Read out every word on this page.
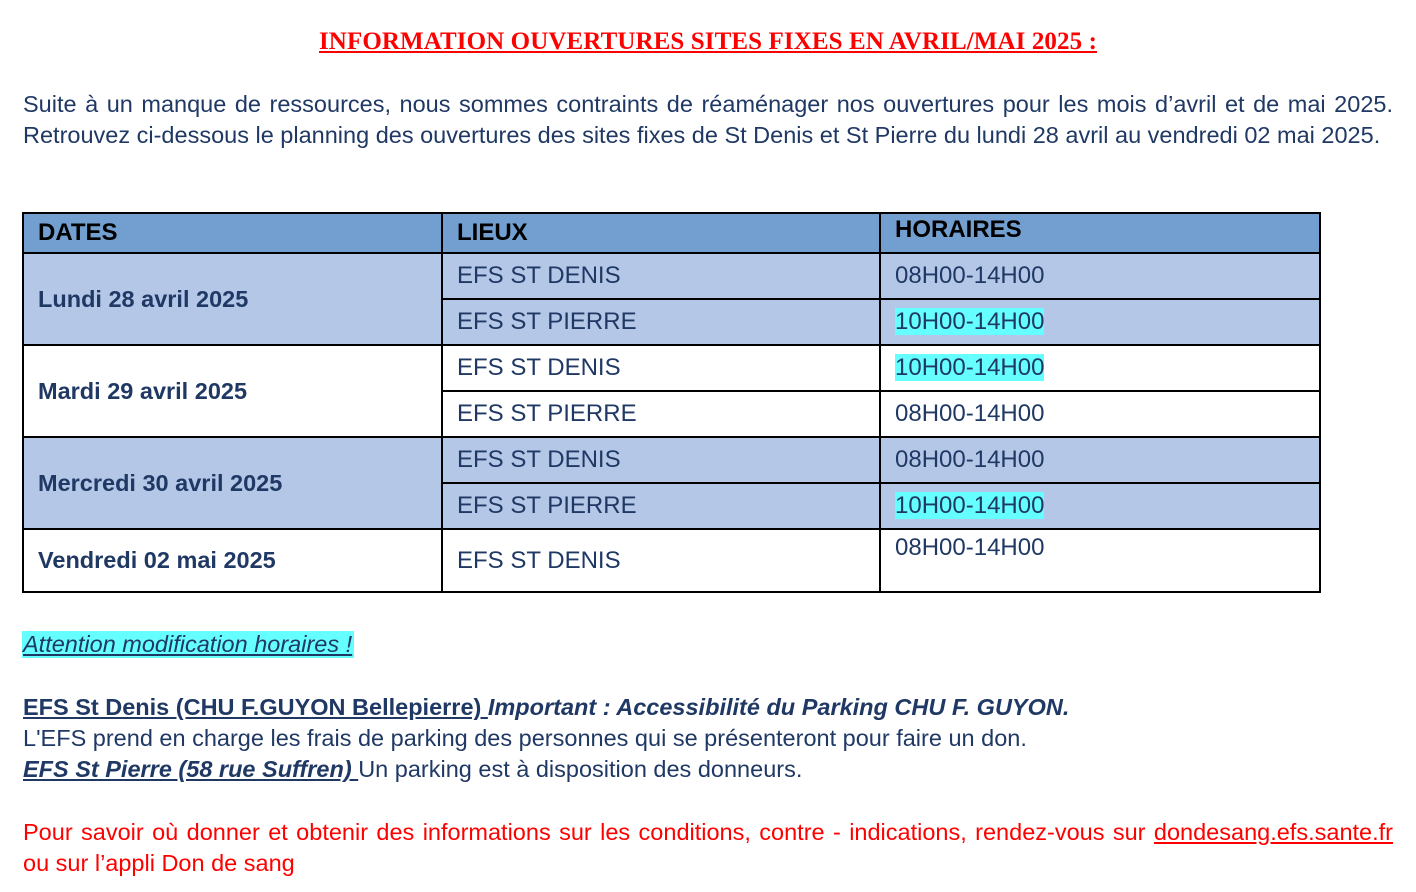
INFORMATION OUVERTURES SITES FIXES EN AVRIL/MAI 2025 :
Suite à un manque de ressources, nous sommes contraints de réaménager nos ouvertures pour les mois d’avril et de mai 2025. Retrouvez ci-dessous le planning des ouvertures des sites fixes de St Denis et St Pierre du lundi 28 avril au vendredi 02 mai 2025.
DATES	LIEUX	HORAIRES
Lundi 28 avril 2025	EFS ST DENIS	08H00-14H00
	EFS ST PIERRE	10H00-14H00
Mardi 29 avril 2025	EFS ST DENIS	10H00-14H00
	EFS ST PIERRE	08H00-14H00
Mercredi 30 avril 2025	EFS ST DENIS	08H00-14H00
	EFS ST PIERRE	10H00-14H00
Vendredi 02 mai 2025	EFS ST DENIS	08H00-14H00
Attention modification horaires !
EFS St Denis (CHU F.GUYON Bellepierre) Important : Accessibilité du Parking CHU F. GUYON.
L'EFS prend en charge les frais de parking des personnes qui se présenteront pour faire un don.
EFS St Pierre (58 rue Suffren) Un parking est à disposition des donneurs.
Pour savoir où donner et obtenir des informations sur les conditions, contre - indications, rendez-vous sur dondesang.efs.sante.fr ou sur l’appli Don de sang
